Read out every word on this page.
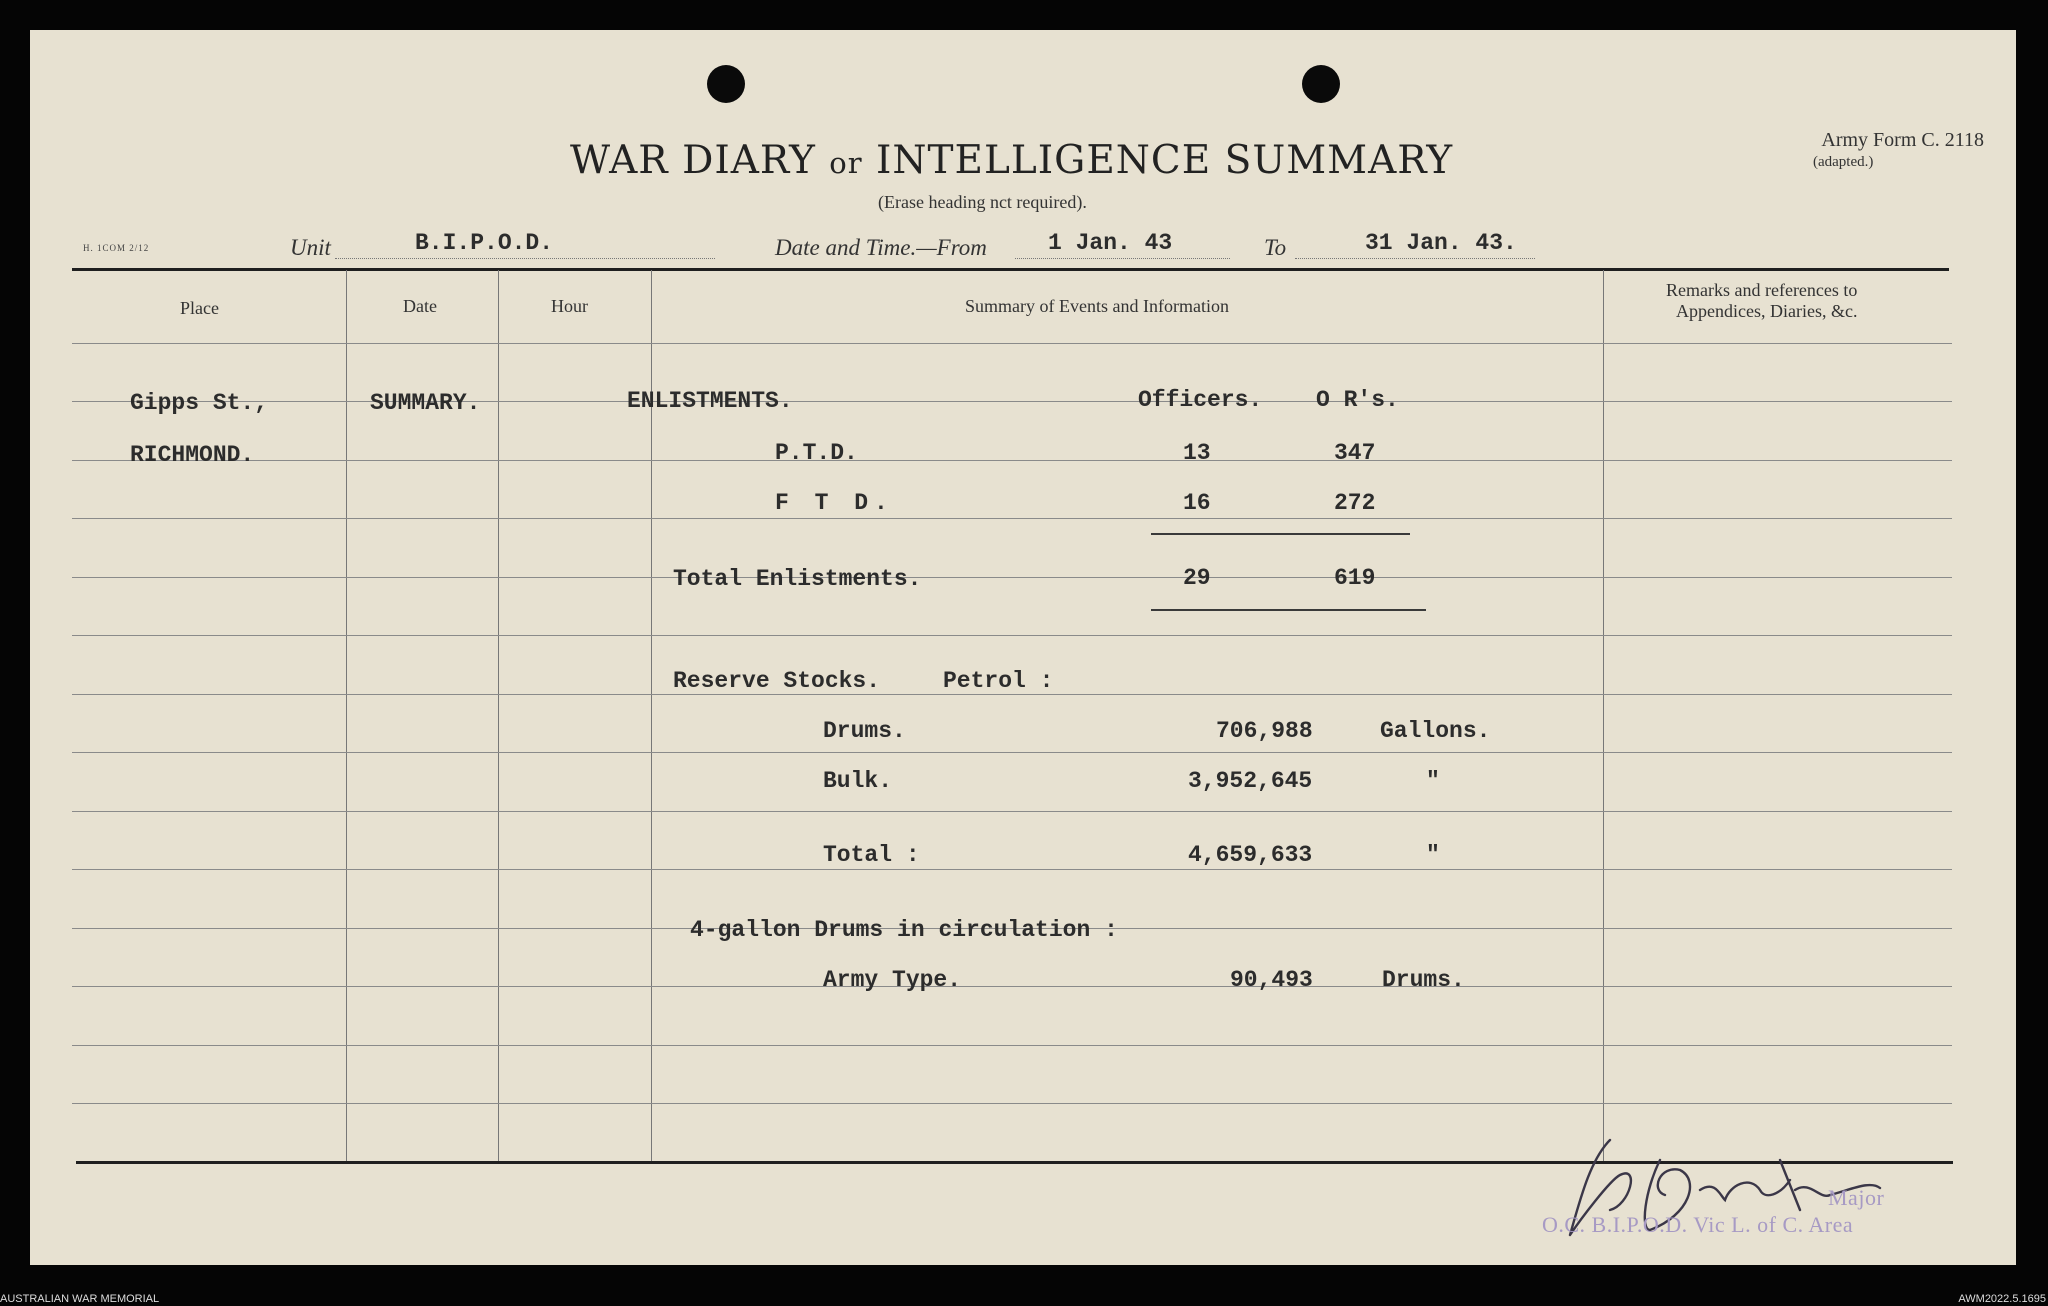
WAR DIARY or INTELLIGENCE SUMMARY
(Erase heading nct required).
Army Form C. 2118
(adapted.)
H. 1COM 2/12	Unit	B.I.P.O.D.	Date and Time.—From	1 Jan. 43	To	31 Jan. 43.
Place	Date	Hour	Summary of Events and Information
Remarks and references to
Appendices, Diaries, &c.
Gipps St.,
RICHMOND.
SUMMARY.	ENLISTMENTS.	Officers. O R's.
P.T.D.	13	347
F T D.	16	272
Total Enlistments.	29	619
Reserve Stocks.	Petrol :
Drums.	706,988	Gallons.
Bulk.	3,952,645	"
Total :	4,659,633	"
4-gallon Drums in circulation :
Army Type.	90,493	Drums.
Major
O.C. B.I.P.O.D. Vic L. of C. Area
AUSTRALIAN WAR MEMORIAL	AWM2022.5.1695
